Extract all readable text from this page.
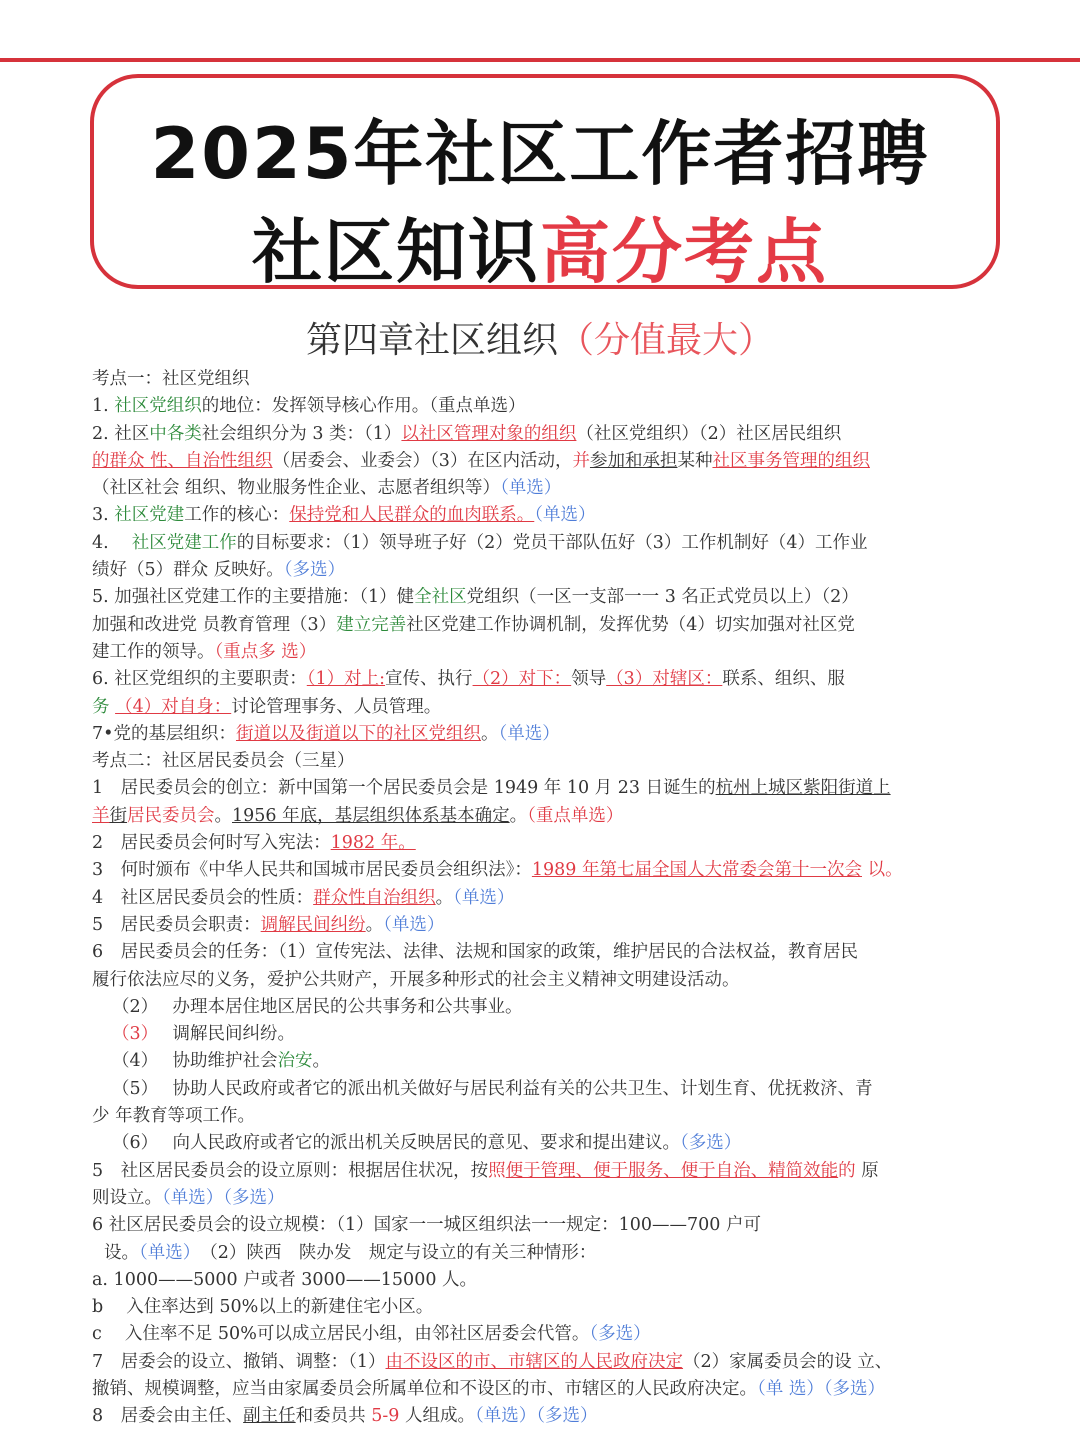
2025年社区工作者招聘
社区知识高分考点
第四章社区组织（分值最大）
考点一：社区党组织
1. 社区党组织的地位：发挥领导核心作用。（重点单选）
2. 社区中各类社会组织分为 3 类：（1）以社区管理对象的组织（社区党组织）（2）社区居民组织
的群众 性、自治性组织（居委会、业委会）（3）在区内活动，并参加和承担某种社区事务管理的组织
（社区社会 组织、物业服务性企业、志愿者组织等）（单选）
3. 社区党建工作的核心：保持党和人民群众的血肉联系。（单选）
4.　 社区党建工作的目标要求：（1）领导班子好（2）党员干部队伍好（3）工作机制好（4）工作业
绩好（5）群众 反映好。（多选）
5. 加强社区党建工作的主要措施：（1）健全社区党组织（一区一支部一一 3 名正式党员以上）（2）
加强和改进党 员教育管理（3）建立完善社区党建工作协调机制，发挥优势（4）切实加强对社区党
建工作的领导。（重点多 选）
6. 社区党组织的主要职责：（1）对上:宣传、执行（2）对下：领导（3）对辖区：联系、组织、服
务 （4）对自身：讨论管理事务、人员管理。
7•党的基层组织：街道以及街道以下的社区党组织。（单选）
考点二：社区居民委员会（三星）
1　居民委员会的创立：新中国第一个居民委员会是 1949 年 10 月 23 日诞生的杭州上城区紫阳街道上
羊街居民委员会。1956 年底，基层组织体系基本确定。（重点单选）
2　居民委员会何时写入宪法：1982 年。
3　何时颁布《中华人民共和国城市居民委员会组织法》：1989 年第七届全国人大常委会第十一次会 以。
4　社区居民委员会的性质：群众性自治组织。（单选）
5　居民委员会职责：调解民间纠纷。（单选）
6　居民委员会的任务：（1）宣传宪法、法律、法规和国家的政策，维护居民的合法权益，教育居民
履行依法应尽的义务，爱护公共财产，开展多种形式的社会主义精神文明建设活动。
（2）　 办理本居住地区居民的公共事务和公共事业。
（3）　 调解民间纠纷。
（4）　 协助维护社会治安。
（5）　 协助人民政府或者它的派出机关做好与居民利益有关的公共卫生、计划生育、优抚救济、青
少 年教育等项工作。
（6）　 向人民政府或者它的派出机关反映居民的意见、要求和提出建议。（多选）
5　社区居民委员会的设立原则：根据居住状况，按照便于管理、便于服务、便于自治、精简效能的 原
则设立。（单选）（多选）
6 社区居民委员会的设立规模：（1）国家一一城区组织法一一规定：100——700 户可
设。（单选）　（2）陕西　陕办发　规定与设立的有关三种情形：
a. 1000——5000 户或者 3000——15000 人。
b　 入住率达到 50%以上的新建住宅小区。
c　 入住率不足 50%可以成立居民小组，由邻社区居委会代管。（多选）
7　居委会的设立、撤销、调整：（1）由不设区的市、市辖区的人民政府决定（2）家属委员会的设 立、
撤销、规模调整，应当由家属委员会所属单位和不设区的市、市辖区的人民政府决定。（单 选）（多选）
8　居委会由主任、副主任和委员共 5-9 人组成。（单选）（多选）
